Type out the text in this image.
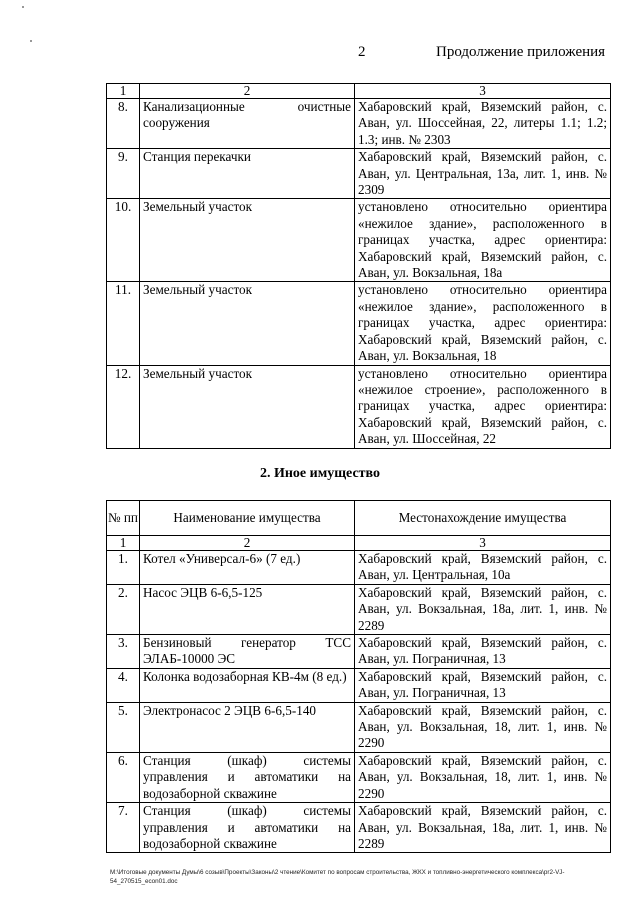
2	Продолжение приложения
1	2	3
8.	Канализационные очистные сооружения	Хабаровский край, Вяземский район, с. Аван, ул. Шоссейная, 22, литеры 1.1; 1.2; 1.3; инв. № 2303
9.	Станция перекачки	Хабаровский край, Вяземский район, с. Аван, ул. Центральная, 13а, лит. 1, инв. № 2309
10.	Земельный участок	установлено относительно ориентира «нежилое здание», расположенного в границах участка, адрес ориентира: Хабаровский край, Вяземский район, с. Аван, ул. Вокзальная, 18а
11.	Земельный участок	установлено относительно ориентира «нежилое здание», расположенного в границах участка, адрес ориентира: Хабаровский край, Вяземский район, с. Аван, ул. Вокзальная, 18
12.	Земельный участок	установлено относительно ориентира «нежилое строение», расположенного в границах участка, адрес ориентира: Хабаровский край, Вяземский район, с. Аван, ул. Шоссейная, 22
2. Иное имущество
№ пп	Наименование имущества	Местонахождение имущества
1	2	3
1.	Котел «Универсал-6» (7 ед.)	Хабаровский край, Вяземский район, с. Аван, ул. Центральная, 10а
2.	Насос ЭЦВ 6-6,5-125	Хабаровский край, Вяземский район, с. Аван, ул. Вокзальная, 18а, лит. 1, инв. № 2289
3.	Бензиновый генератор ТСС ЭЛАБ-10000 ЭС	Хабаровский край, Вяземский район, с. Аван, ул. Пограничная, 13
4.	Колонка водозаборная КВ-4м (8 ед.)	Хабаровский край, Вяземский район, с. Аван, ул. Пограничная, 13
5.	Электронасос 2 ЭЦВ 6-6,5-140	Хабаровский край, Вяземский район, с. Аван, ул. Вокзальная, 18, лит. 1, инв. № 2290
6.	Станция (шкаф) системы управления и автоматики на водозаборной скважине	Хабаровский край, Вяземский район, с. Аван, ул. Вокзальная, 18, лит. 1, инв. № 2290
7.	Станция (шкаф) системы управления и автоматики на водозаборной скважине	Хабаровский край, Вяземский район, с. Аван, ул. Вокзальная, 18а, лит. 1, инв. № 2289
M:\Итоговые документы Думы\6 созыв\Проекты\Законы\2 чтение\Комитет по вопросам строительства, ЖКХ и топливно-энергетического комплекса\pr2-VJ-54_270515_econ01.doc
